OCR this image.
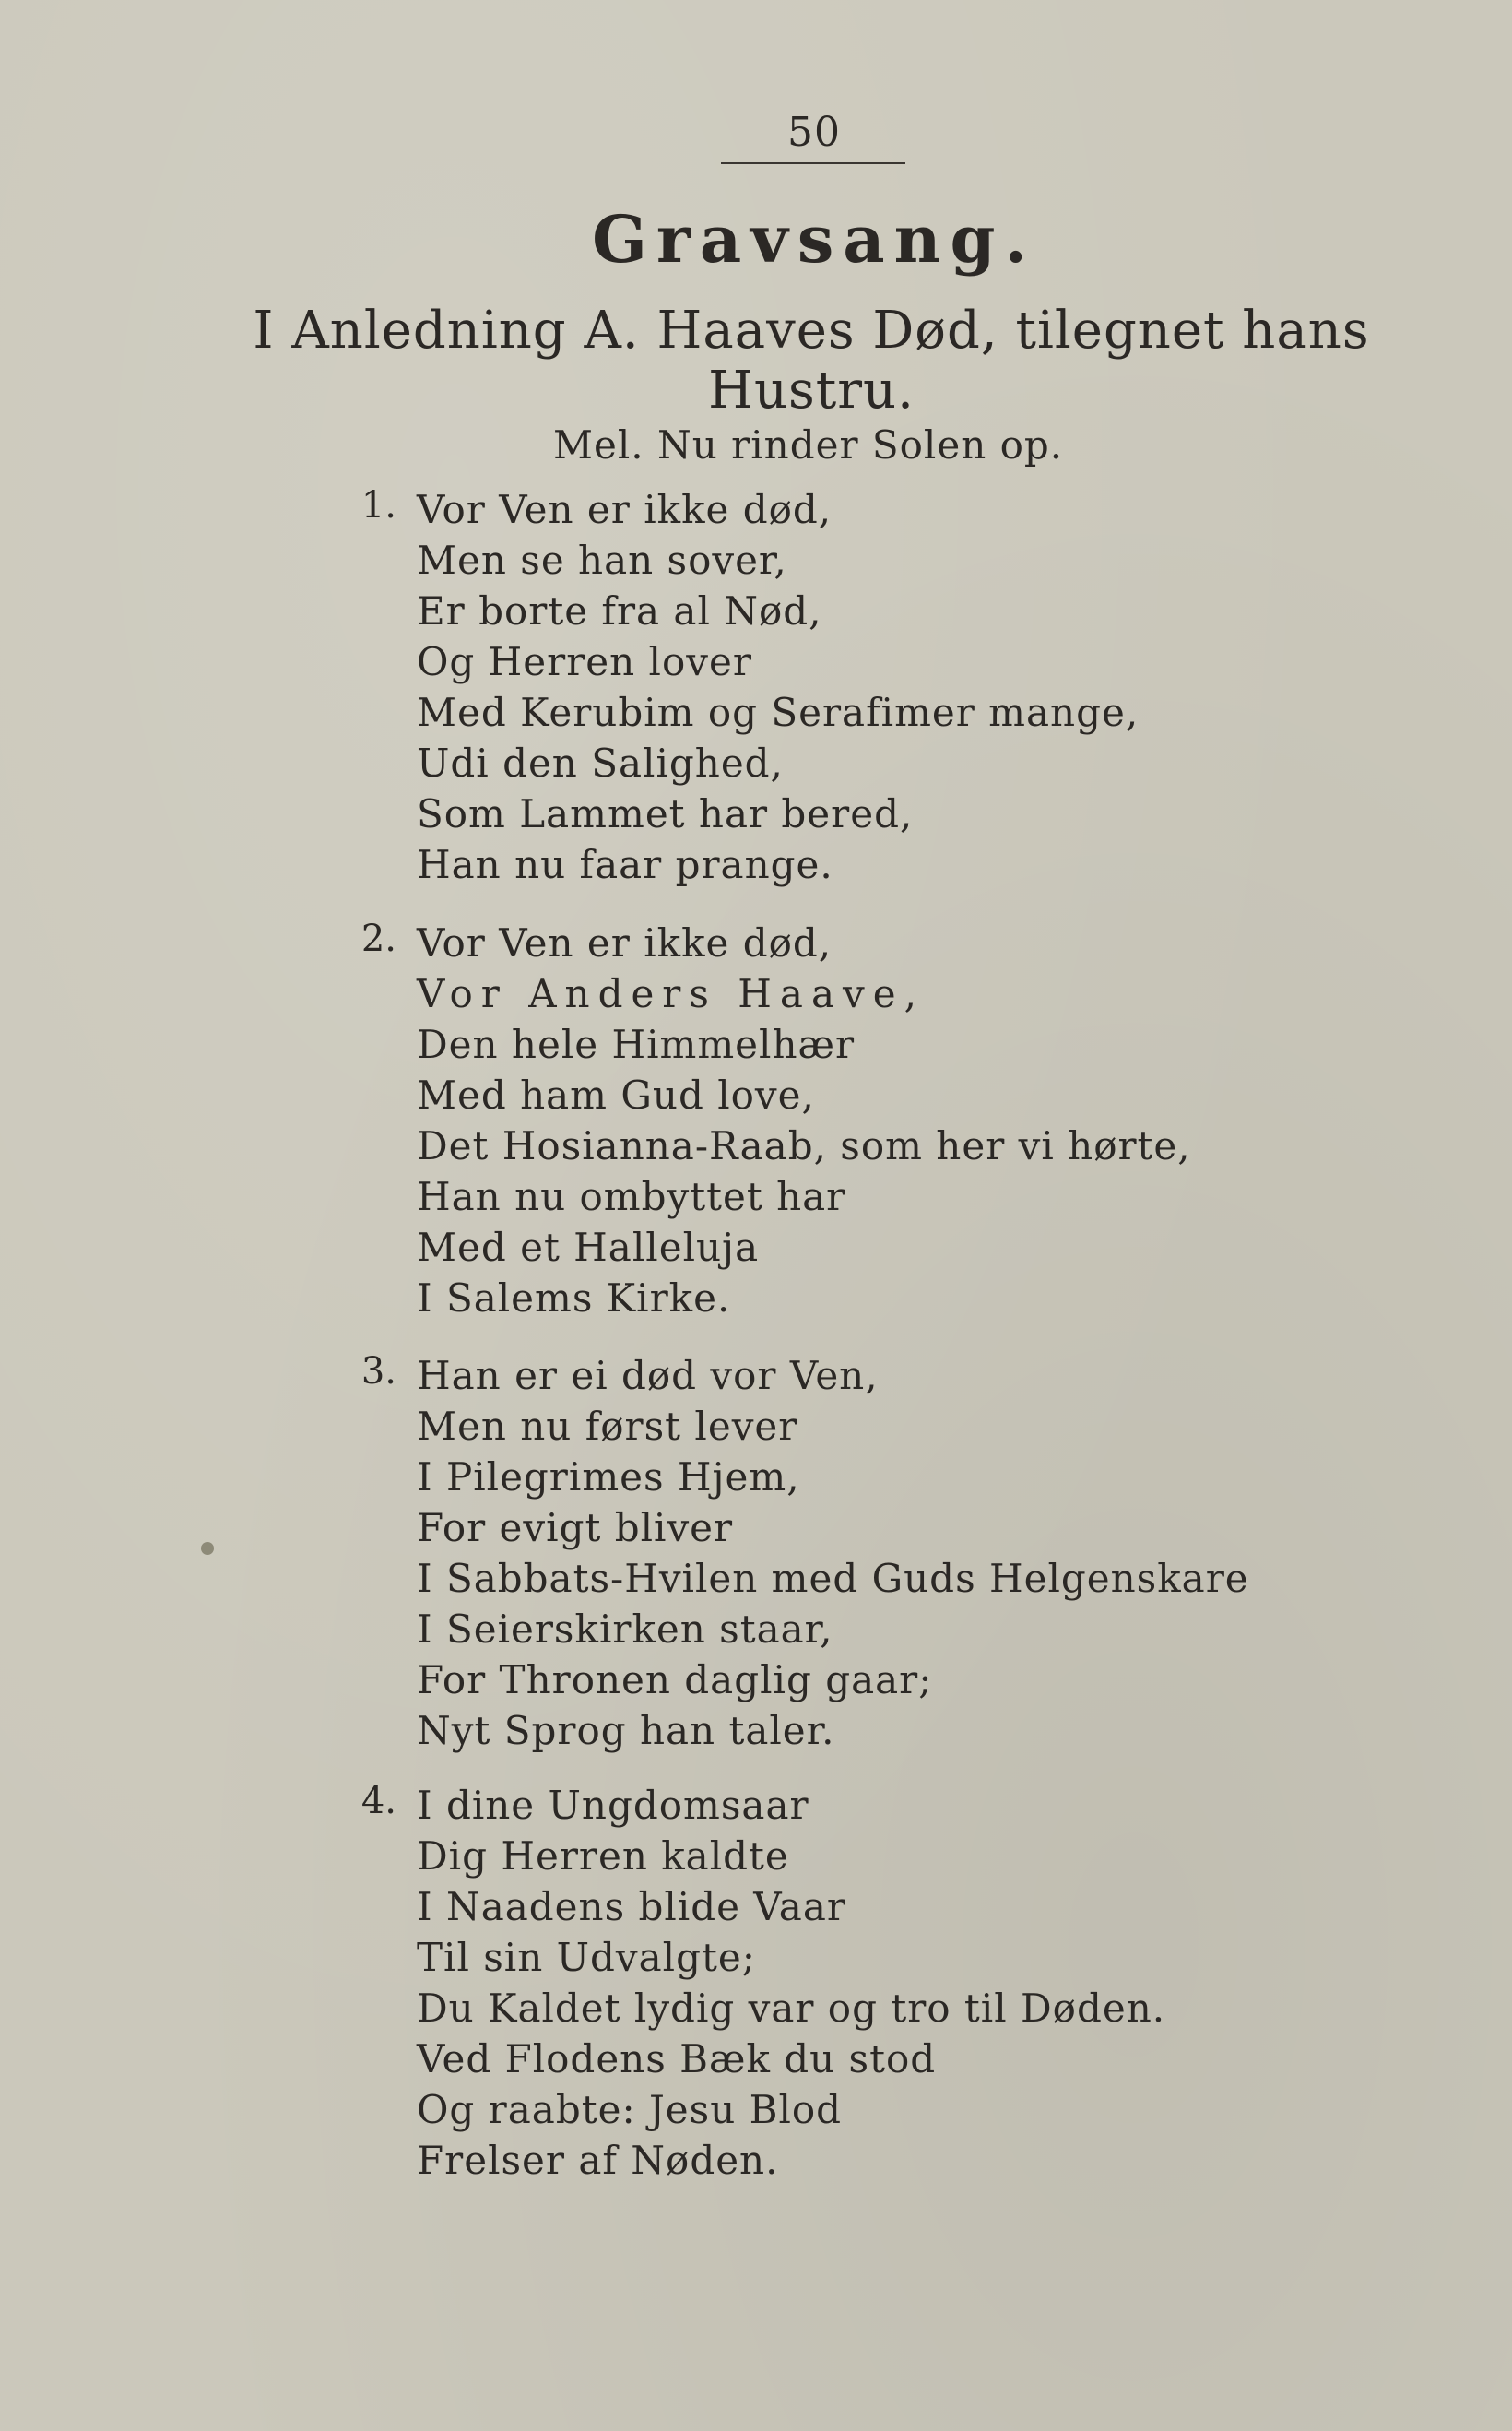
50
Gravsang.
I Anledning A. Haaves Død, tilegnet hans Hustru.
Mel. Nu rinder Solen op.
1. Vor Ven er ikke død,
Men se han sover,
Er borte fra al Nød,
Og Herren lover
Med Kerubim og Serafimer mange,
Udi den Salighed,
Som Lammet har bered,
Han nu faar prange.
2. Vor Ven er ikke død,
Vor Anders Haave,
Den hele Himmelhær
Med ham Gud love,
Det Hosianna-Raab, som her vi hørte,
Han nu ombyttet har
Med et Halleluja
I Salems Kirke.
3. Han er ei død vor Ven,
Men nu først lever
I Pilegrimes Hjem,
For evigt bliver
I Sabbats-Hvilen med Guds Helgenskare
I Seierskirken staar,
For Thronen daglig gaar;
Nyt Sprog han taler.
4. I dine Ungdomsaar
Dig Herren kaldte
I Naadens blide Vaar
Til sin Udvalgte;
Du Kaldet lydig var og tro til Døden.
Ved Flodens Bæk du stod
Og raabte: Jesu Blod
Frelser af Nøden.
